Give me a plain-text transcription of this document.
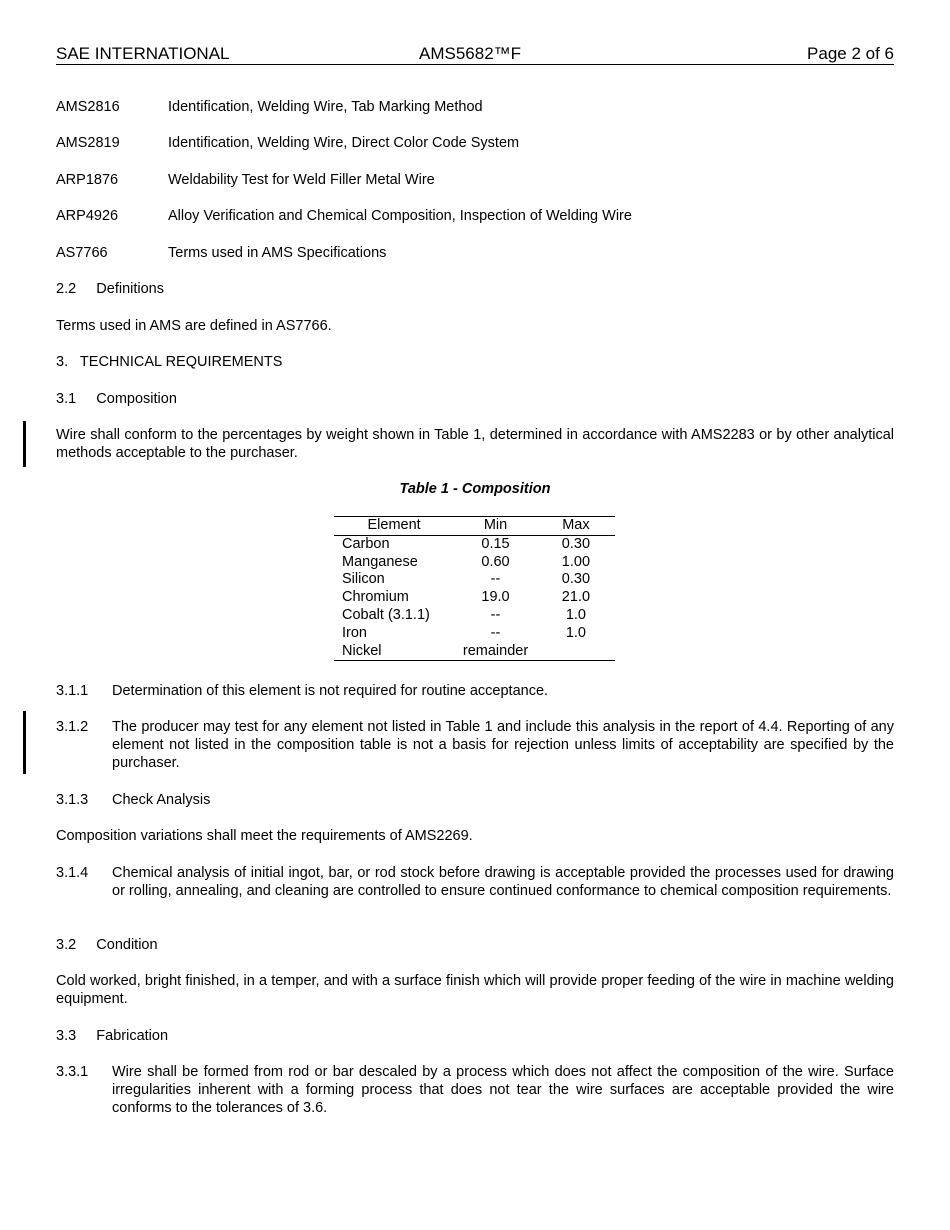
SAE INTERNATIONAL	AMS5682™F	Page 2 of 6
AMS2816	Identification, Welding Wire, Tab Marking Method
AMS2819	Identification, Welding Wire, Direct Color Code System
ARP1876	Weldability Test for Weld Filler Metal Wire
ARP4926	Alloy Verification and Chemical Composition, Inspection of Welding Wire
AS7766	Terms used in AMS Specifications
2.2     Definitions
Terms used in AMS are defined in AS7766.
3.   TECHNICAL REQUIREMENTS
3.1     Composition
Wire shall conform to the percentages by weight shown in Table 1, determined in accordance with AMS2283 or by other analytical methods acceptable to the purchaser.
Table 1 - Composition
Element	Min	Max
Carbon	0.15	0.30
Manganese	0.60	1.00
Silicon	--	0.30
Chromium	19.0	21.0
Cobalt (3.1.1)	--	1.0
Iron	--	1.0
Nickel	remainder	
3.1.1 Determination of this element is not required for routine acceptance.
3.1.2 The producer may test for any element not listed in Table 1 and include this analysis in the report of 4.4. Reporting of any element not listed in the composition table is not a basis for rejection unless limits of acceptability are specified by the purchaser.
3.1.3 Check Analysis
Composition variations shall meet the requirements of AMS2269.
3.1.4 Chemical analysis of initial ingot, bar, or rod stock before drawing is acceptable provided the processes used for drawing or rolling, annealing, and cleaning are controlled to ensure continued conformance to chemical composition requirements.
3.2     Condition
Cold worked, bright finished, in a temper, and with a surface finish which will provide proper feeding of the wire in machine welding equipment.
3.3     Fabrication
3.3.1 Wire shall be formed from rod or bar descaled by a process which does not affect the composition of the wire. Surface irregularities inherent with a forming process that does not tear the wire surfaces are acceptable provided the wire conforms to the tolerances of 3.6.
